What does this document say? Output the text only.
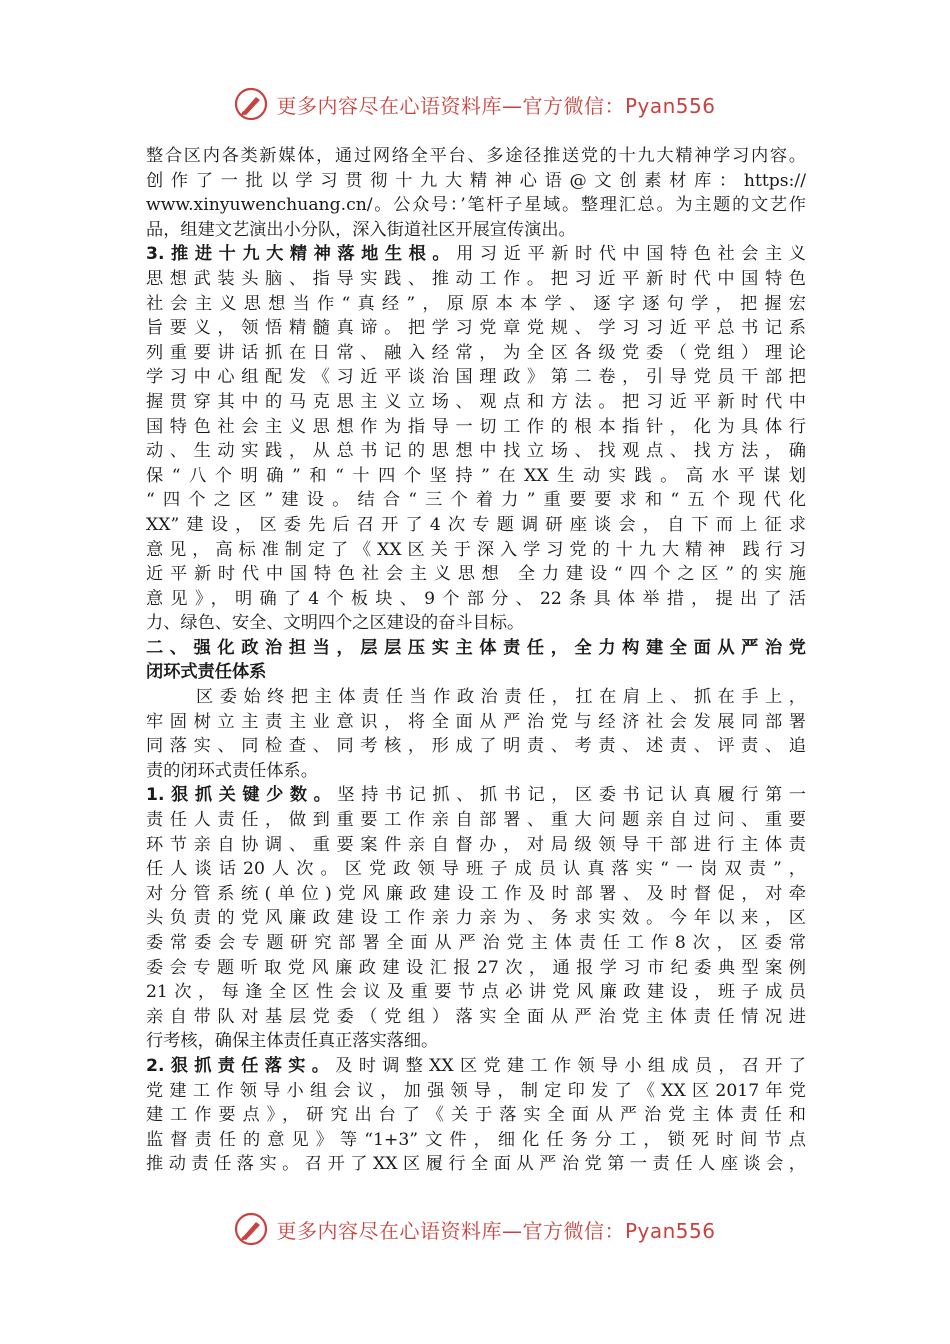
更多内容尽在心语资料库—官方微信：Pyan556
整合区内各类新媒体，通过网络全平台、多途径推送党的十九大精神学习内容。
创作了一批以学习贯彻十九大精神心语@文创素材库：https://
www.xinyuwenchuang.cn/。公众号：’笔杆子星域。整理汇总。为主题的文艺作
品，组建文艺演出小分队，深入街道社区开展宣传演出。
3.推进十九大精神落地生根。用习近平新时代中国特色社会主义
思想武装头脑、指导实践、推动工作。把习近平新时代中国特色
社会主义思想当作“真经”，原原本本学、逐字逐句学，把握宏
旨要义，领悟精髓真谛。把学习党章党规、学习习近平总书记系
列重要讲话抓在日常、融入经常，为全区各级党委（党组）理论
学习中心组配发《习近平谈治国理政》第二卷，引导党员干部把
握贯穿其中的马克思主义立场、观点和方法。把习近平新时代中
国特色社会主义思想作为指导一切工作的根本指针，化为具体行
动、生动实践，从总书记的思想中找立场、找观点、找方法，确
保“八个明确”和“十四个坚持”在XX生动实践。高水平谋划
“四个之区”建设。结合“三个着力”重要要求和“五个现代化
XX”建设，区委先后召开了4次专题调研座谈会，自下而上征求
意见，高标准制定了《XX区关于深入学习党的十九大精神 践行习
近平新时代中国特色社会主义思想 全力建设“四个之区”的实施
意见》，明确了4个板块、9个部分、22条具体举措，提出了活
力、绿色、安全、文明四个之区建设的奋斗目标。
二、强化政治担当，层层压实主体责任，全力构建全面从严治党
闭环式责任体系
区委始终把主体责任当作政治责任，扛在肩上、抓在手上，
牢固树立主责主业意识，将全面从严治党与经济社会发展同部署
同落实、同检查、同考核，形成了明责、考责、述责、评责、追
责的闭环式责任体系。
1.狠抓关键少数。坚持书记抓、抓书记，区委书记认真履行第一
责任人责任，做到重要工作亲自部署、重大问题亲自过问、重要
环节亲自协调、重要案件亲自督办，对局级领导干部进行主体责
任人谈话20人次。区党政领导班子成员认真落实“一岗双责”，
对分管系统(单位)党风廉政建设工作及时部署、及时督促，对牵
头负责的党风廉政建设工作亲力亲为、务求实效。今年以来，区
委常委会专题研究部署全面从严治党主体责任工作8次，区委常
委会专题听取党风廉政建设汇报27次，通报学习市纪委典型案例
21次，每逢全区性会议及重要节点必讲党风廉政建设，班子成员
亲自带队对基层党委（党组）落实全面从严治党主体责任情况进
行考核，确保主体责任真正落实落细。
2.狠抓责任落实。及时调整XX区党建工作领导小组成员，召开了
党建工作领导小组会议，加强领导，制定印发了《XX区2017年党
建工作要点》，研究出台了《关于落实全面从严治党主体责任和
监督责任的意见》等“1+3”文件，细化任务分工，锁死时间节点
推动责任落实。召开了XX区履行全面从严治党第一责任人座谈会，
更多内容尽在心语资料库—官方微信：Pyan556
